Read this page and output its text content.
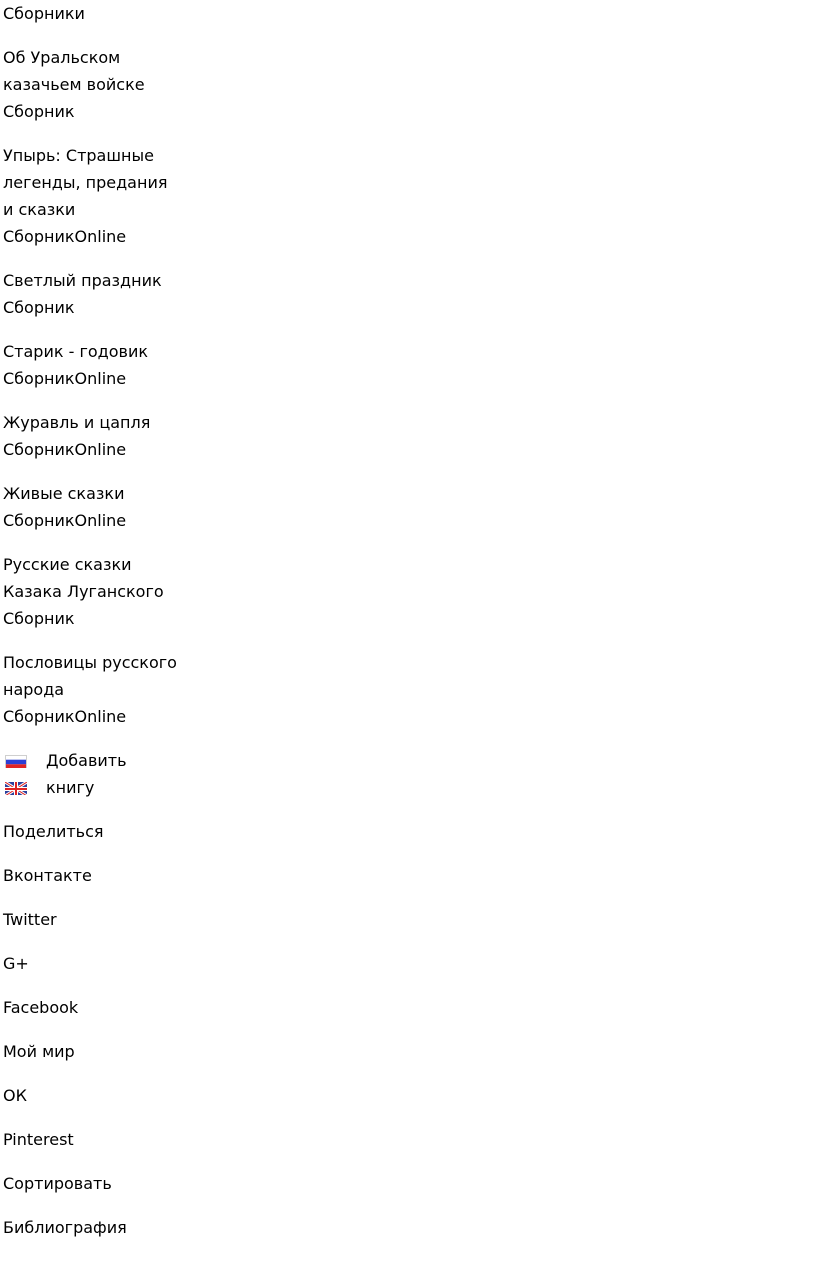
Сборники
Об Уральском
казачьем войске
Сборник
Упырь: Страшные
легенды, предания
и сказки
СборникOnline
Светлый праздник
Сборник
Старик - годовик
СборникOnline
Журавль и цапля
СборникOnline
Живые сказки
СборникOnline
Русские сказки
Казака Луганского
Сборник
Пословицы русского
народа
СборникOnline
Добавить
книгу
Поделиться
Вконтакте
Twitter
G+
Facebook
Мой мир
ОК
Pinterest
Сортировать
Библиография
